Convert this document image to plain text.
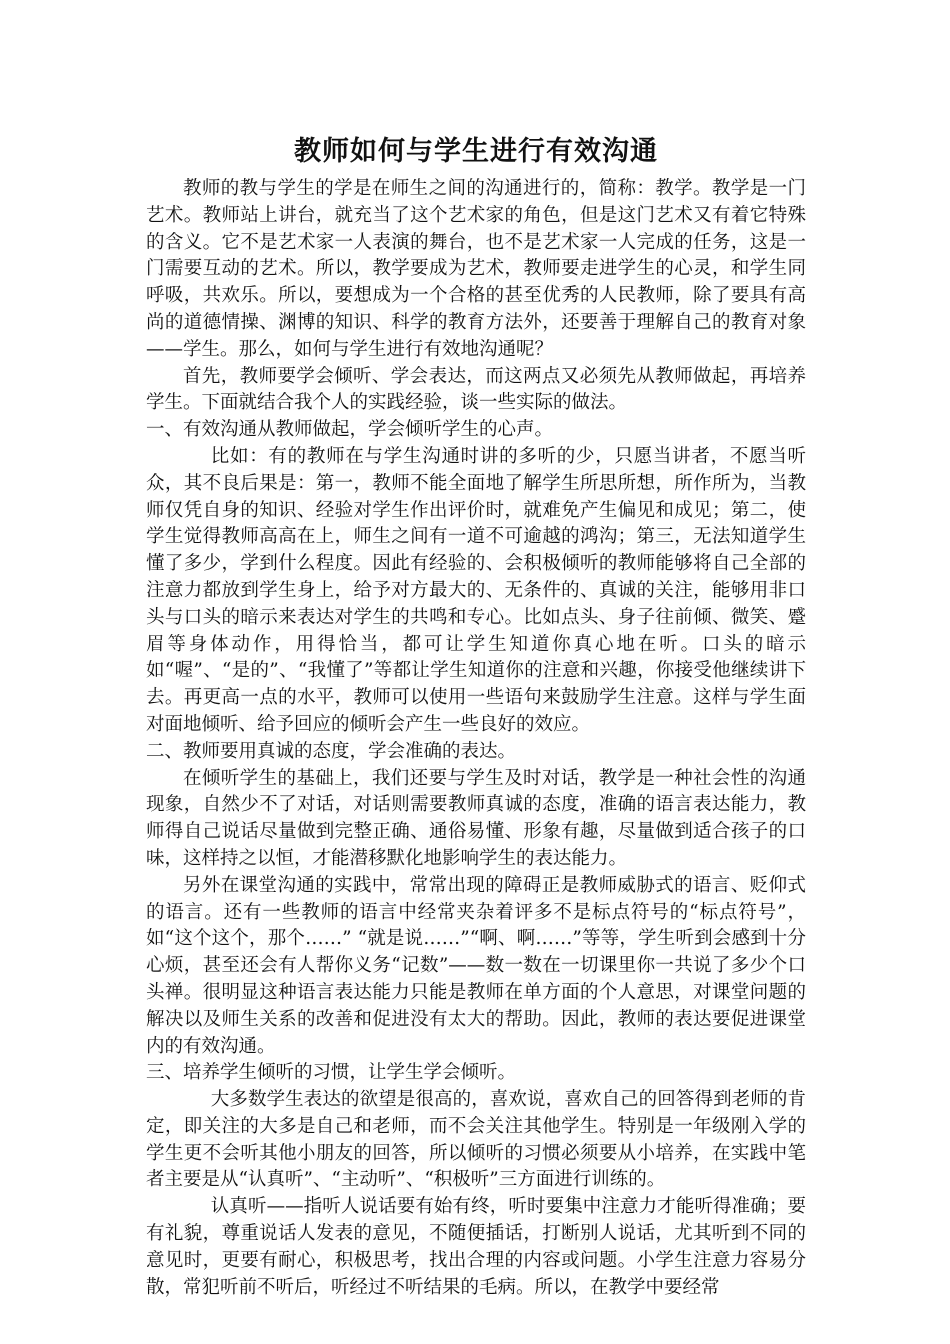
教师如何与学生进行有效沟通

教师的教与学生的学是在师生之间的沟通进行的，简称：教学。教学是一门艺术。教师站上讲台，就充当了这个艺术家的角色，但是这门艺术又有着它特殊的含义。它不是艺术家一人表演的舞台，也不是艺术家一人完成的任务，这是一门需要互动的艺术。所以，教学要成为艺术，教师要走进学生的心灵，和学生同呼吸，共欢乐。所以，要想成为一个合格的甚至优秀的人民教师，除了要具有高尚的道德情操、渊博的知识、科学的教育方法外，还要善于理解自己的教育对象——学生。那么，如何与学生进行有效地沟通呢？

首先，教师要学会倾听、学会表达，而这两点又必须先从教师做起，再培养学生。下面就结合我个人的实践经验，谈一些实际的做法。

一、有效沟通从教师做起，学会倾听学生的心声。

比如：有的教师在与学生沟通时讲的多听的少，只愿当讲者，不愿当听众，其不良后果是：第一，教师不能全面地了解学生所思所想，所作所为，当教师仅凭自身的知识、经验对学生作出评价时，就难免产生偏见和成见；第二，使学生觉得教师高高在上，师生之间有一道不可逾越的鸿沟；第三，无法知道学生懂了多少，学到什么程度。因此有经验的、会积极倾听的教师能够将自己全部的注意力都放到学生身上，给予对方最大的、无条件的、真诚的关注，能够用非口头与口头的暗示来表达对学生的共鸣和专心。比如点头、身子往前倾、微笑、蹙眉等身体动作，用得恰当，都可让学生知道你真心地在听。口头的暗示如“喔”、“是的”、“我懂了”等都让学生知道你的注意和兴趣，你接受他继续讲下去。再更高一点的水平，教师可以使用一些语句来鼓励学生注意。这样与学生面对面地倾听、给予回应的倾听会产生一些良好的效应。

二、教师要用真诚的态度，学会准确的表达。

在倾听学生的基础上，我们还要与学生及时对话，教学是一种社会性的沟通现象，自然少不了对话，对话则需要教师真诚的态度，准确的语言表达能力，教师得自己说话尽量做到完整正确、通俗易懂、形象有趣，尽量做到适合孩子的口味，这样持之以恒，才能潜移默化地影响学生的表达能力。

另外在课堂沟通的实践中，常常出现的障碍正是教师威胁式的语言、贬仰式的语言。还有一些教师的语言中经常夹杂着评多不是标点符号的“标点符号”，如“这个这个，那个……” “就是说……”“啊、啊……”等等，学生听到会感到十分心烦，甚至还会有人帮你义务“记数”——数一数在一切课里你一共说了多少个口头禅。很明显这种语言表达能力只能是教师在单方面的个人意思，对课堂问题的解决以及师生关系的改善和促进没有太大的帮助。因此，教师的表达要促进课堂内的有效沟通。

三、培养学生倾听的习惯，让学生学会倾听。

大多数学生表达的欲望是很高的，喜欢说，喜欢自己的回答得到老师的肯定，即关注的大多是自己和老师，而不会关注其他学生。特别是一年级刚入学的学生更不会听其他小朋友的回答，所以倾听的习惯必须要从小培养，在实践中笔者主要是从“认真听”、“主动听”、“积极听”三方面进行训练的。

认真听——指听人说话要有始有终，听时要集中注意力才能听得准确；要有礼貌，尊重说话人发表的意见，不随便插话，打断别人说话，尤其听到不同的意见时，更要有耐心，积极思考，找出合理的内容或问题。小学生注意力容易分散，常犯听前不听后，听经过不听结果的毛病。所以，在教学中要经常
